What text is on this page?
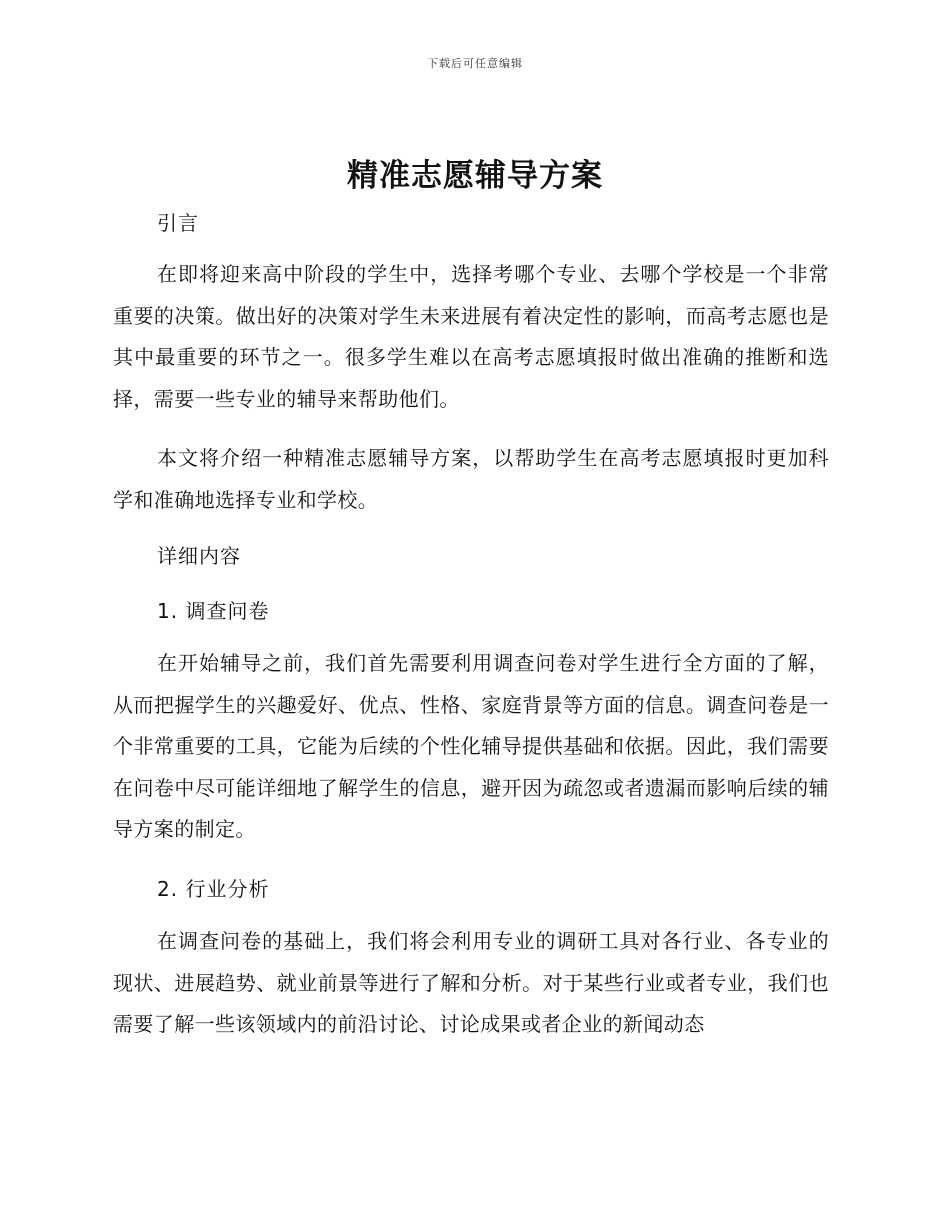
下载后可任意编辑
精准志愿辅导方案
引言

在即将迎来高中阶段的学生中，选择考哪个专业、去哪个学校是一个非常重要的决策。做出好的决策对学生未来进展有着决定性的影响，而高考志愿也是其中最重要的环节之一。很多学生难以在高考志愿填报时做出准确的推断和选择，需要一些专业的辅导来帮助他们。

本文将介绍一种精准志愿辅导方案，以帮助学生在高考志愿填报时更加科学和准确地选择专业和学校。

详细内容
1. 调查问卷

在开始辅导之前，我们首先需要利用调查问卷对学生进行全方面的了解，从而把握学生的兴趣爱好、优点、性格、家庭背景等方面的信息。调查问卷是一个非常重要的工具，它能为后续的个性化辅导提供基础和依据。因此，我们需要在问卷中尽可能详细地了解学生的信息，避开因为疏忽或者遗漏而影响后续的辅导方案的制定。

2. 行业分析

在调查问卷的基础上，我们将会利用专业的调研工具对各行业、各专业的现状、进展趋势、就业前景等进行了解和分析。对于某些行业或者专业，我们也需要了解一些该领域内的前沿讨论、讨论成果或者企业的新闻动态
